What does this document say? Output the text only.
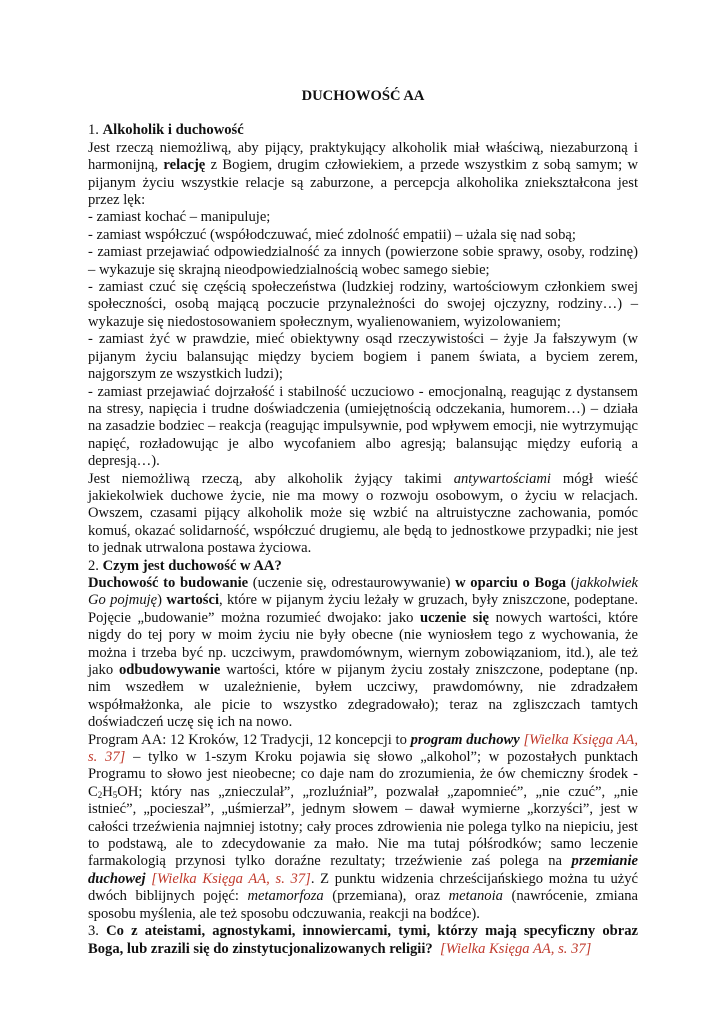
DUCHOWOŚĆ AA
1. Alkoholik i duchowość
Jest rzeczą niemożliwą, aby pijący, praktykujący alkoholik miał właściwą, niezaburzoną i harmonijną, relację z Bogiem, drugim człowiekiem, a przede wszystkim z sobą samym; w pijanym życiu wszystkie relacje są zaburzone, a percepcja alkoholika zniekształcona jest przez lęk:
- zamiast kochać – manipuluje;
- zamiast współczuć (współodczuwać, mieć zdolność empatii) – użala się nad sobą;
- zamiast przejawiać odpowiedzialność za innych (powierzone sobie sprawy, osoby, rodzinę) – wykazuje się skrajną nieodpowiedzialnością wobec samego siebie;
- zamiast czuć się częścią społeczeństwa (ludzkiej rodziny, wartościowym członkiem swej społeczności, osobą mającą poczucie przynależności do swojej ojczyzny, rodziny…) – wykazuje się niedostosowaniem społecznym, wyalienowaniem, wyizolowaniem;
- zamiast żyć w prawdzie, mieć obiektywny osąd rzeczywistości – żyje Ja fałszywym (w pijanym życiu balansując między byciem bogiem i panem świata, a byciem zerem, najgorszym ze wszystkich ludzi);
- zamiast przejawiać dojrzałość i stabilność uczuciowo - emocjonalną, reagując z dystansem na stresy, napięcia i trudne doświadczenia (umiejętnością odczekania, humorem…) – działa na zasadzie bodziec – reakcja (reagując impulsywnie, pod wpływem emocji, nie wytrzymując napięć, rozładowując je albo wycofaniem albo agresją; balansując między euforią a depresją…).
Jest niemożliwą rzeczą, aby alkoholik żyjący takimi antywartościami mógł wieść jakiekolwiek duchowe życie, nie ma mowy o rozwoju osobowym, o życiu w relacjach. Owszem, czasami pijący alkoholik może się wzbić na altruistyczne zachowania, pomóc komuś, okazać solidarność, współczuć drugiemu, ale będą to jednostkowe przypadki; nie jest to jednak utrwalona postawa życiowa.
2. Czym jest duchowość w AA?
Duchowość to budowanie (uczenie się, odrestaurowywanie) w oparciu o Boga (jakkolwiek Go pojmuję) wartości, które w pijanym życiu leżały w gruzach, były zniszczone, podeptane. Pojęcie „budowanie” można rozumieć dwojako: jako uczenie się nowych wartości, które nigdy do tej pory w moim życiu nie były obecne (nie wyniosłem tego z wychowania, że można i trzeba być np. uczciwym, prawdomównym, wiernym zobowiązaniom, itd.), ale też jako odbudowywanie wartości, które w pijanym życiu zostały zniszczone, podeptane (np. nim wszedłem w uzależnienie, byłem uczciwy, prawdomówny, nie zdradzałem współmałżonka, ale picie to wszystko zdegradowało); teraz na zgliszczach tamtych doświadczeń uczę się ich na nowo.
Program AA: 12 Kroków, 12 Tradycji, 12 koncepcji to program duchowy [Wielka Księga AA, s. 37] – tylko w 1-szym Kroku pojawia się słowo „alkohol”; w pozostałych punktach Programu to słowo jest nieobecne; co daje nam do zrozumienia, że ów chemiczny środek - $C_2H_5OH$; który nas „znieczulał”, „rozluźniał”, pozwalał „zapomnieć”, „nie czuć”, „nie istnieć”, „pocieszał”, „uśmierzał”, jednym słowem – dawał wymierne „korzyści”, jest w całości trzeźwienia najmniej istotny; cały proces zdrowienia nie polega tylko na niepiciu, jest to podstawą, ale to zdecydowanie za mało. Nie ma tutaj półśrodków; samo leczenie farmakologią przynosi tylko doraźne rezultaty; trzeźwienie zaś polega na przemianie duchowej [Wielka Księga AA, s. 37]. Z punktu widzenia chrześcijańskiego można tu użyć dwóch biblijnych pojęć: metamorfoza (przemiana), oraz metanoia (nawrócenie, zmiana sposobu myślenia, ale też sposobu odczuwania, reakcji na bodźce).
3. Co z ateistami, agnostykami, innowiercami, tymi, którzy mają specyficzny obraz Boga, lub zrazili się do zinstytucjonalizowanych religii? [Wielka Księga AA, s. 37]
